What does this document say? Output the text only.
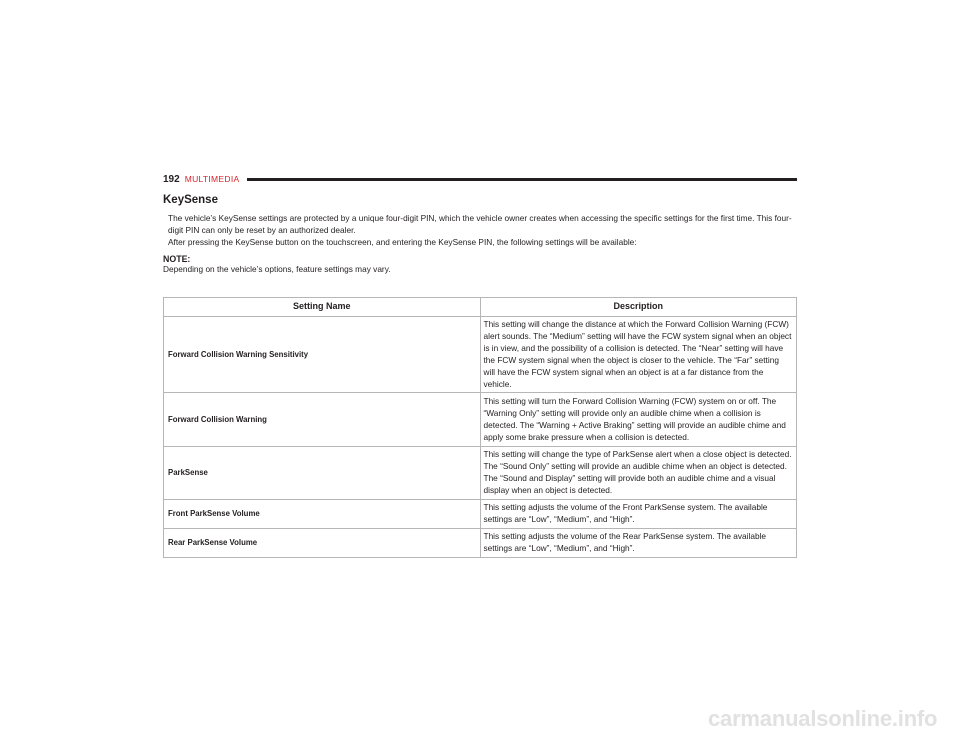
192 MULTIMEDIA
KeySense
The vehicle’s KeySense settings are protected by a unique four-digit PIN, which the vehicle owner creates when accessing the specific settings for the first time. This four-digit PIN can only be reset by an authorized dealer.
After pressing the KeySense button on the touchscreen, and entering the KeySense PIN, the following settings will be available:
NOTE:
Depending on the vehicle’s options, feature settings may vary.
Setting Name	Description
Forward Collision Warning Sensitivity	This setting will change the distance at which the Forward Collision Warning (FCW) alert sounds. The “Medium” setting will have the FCW system signal when an object is in view, and the possibility of a collision is detected. The “Near” setting will have the FCW system signal when the object is closer to the vehicle. The “Far” setting will have the FCW system signal when an object is at a far distance from the vehicle.
Forward Collision Warning	This setting will turn the Forward Collision Warning (FCW) system on or off. The “Warning Only” setting will provide only an audible chime when a collision is detected. The “Warning + Active Braking” setting will provide an audible chime and apply some brake pressure when a collision is detected.
ParkSense	This setting will change the type of ParkSense alert when a close object is detected. The “Sound Only” setting will provide an audible chime when an object is detected. The “Sound and Display” setting will provide both an audible chime and a visual display when an object is detected.
Front ParkSense Volume	This setting adjusts the volume of the Front ParkSense system. The available settings are “Low”, “Medium”, and “High”.
Rear ParkSense Volume	This setting adjusts the volume of the Rear ParkSense system. The available settings are “Low”, “Medium”, and “High”.
carmanualsonline.info
